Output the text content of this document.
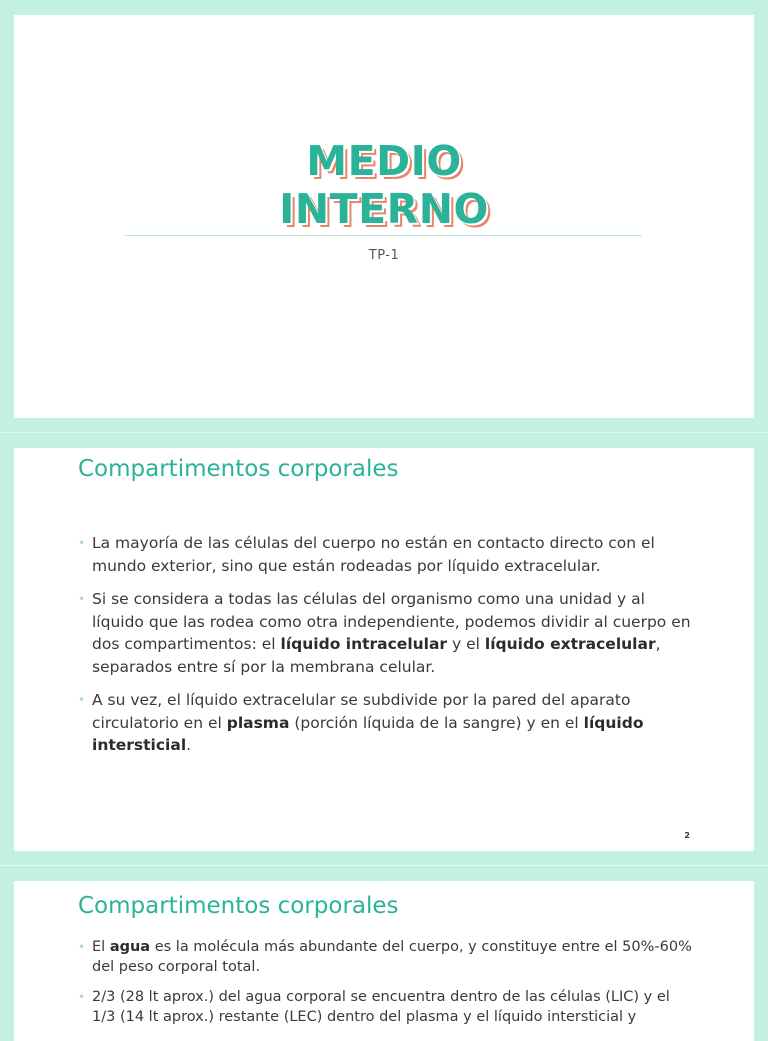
MEDIO
INTERNO
TP-1
Compartimentos corporales
• La mayoría de las células del cuerpo no están en contacto directo con el mundo exterior, sino que están rodeadas por líquido extracelular.
• Si se considera a todas las células del organismo como una unidad y al líquido que las rodea como otra independiente, podemos dividir al cuerpo en dos compartimentos: el líquido intracelular y el líquido extracelular, separados entre sí por la membrana celular.
• A su vez, el líquido extracelular se subdivide por la pared del aparato circulatorio en el plasma (porción líquida de la sangre) y en el líquido intersticial.
2
Compartimentos corporales
• El agua es la molécula más abundante del cuerpo, y constituye entre el 50%-60% del peso corporal total.
• 2/3 (28 lt aprox.) del agua corporal se encuentra dentro de las células (LIC) y el 1/3 (14 lt aprox.) restante (LEC) dentro del plasma y el líquido intersticial y
